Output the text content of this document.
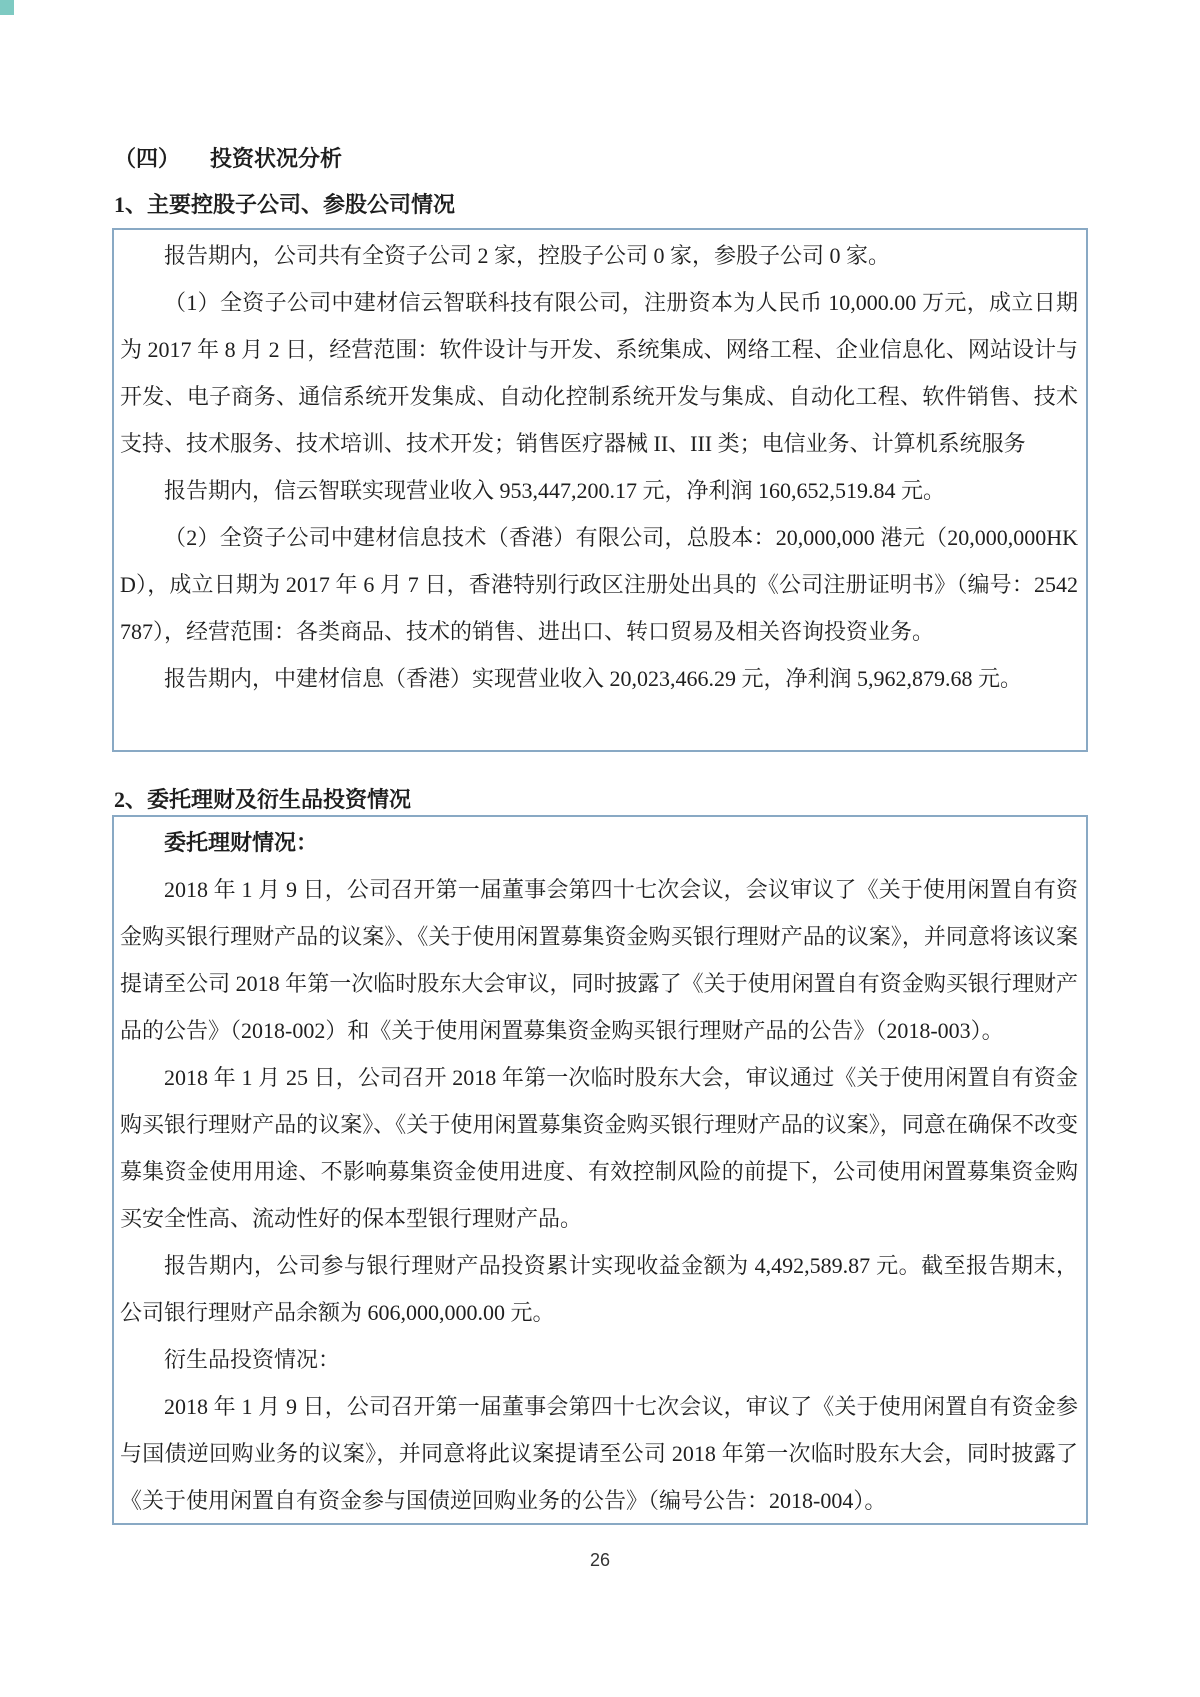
（四） 投资状况分析
1、主要控股子公司、参股公司情况

报告期内，公司共有全资子公司 2 家，控股子公司 0 家，参股子公司 0 家。

（1）全资子公司中建材信云智联科技有限公司，注册资本为人民币 10,000.00 万元，成立日期为 2017 年 8 月 2 日，经营范围：软件设计与开发、系统集成、网络工程、企业信息化、网站设计与开发、电子商务、通信系统开发集成、自动化控制系统开发与集成、自动化工程、软件销售、技术支持、技术服务、技术培训、技术开发；销售医疗器械 II、III 类；电信业务、计算机系统服务

报告期内，信云智联实现营业收入 953,447,200.17 元，净利润 160,652,519.84 元。

（2）全资子公司中建材信息技术（香港）有限公司，总股本：20,000,000 港元（20,000,000HKD），成立日期为 2017 年 6 月 7 日，香港特别行政区注册处出具的《公司注册证明书》（编号：2542787），经营范围：各类商品、技术的销售、进出口、转口贸易及相关咨询投资业务。

报告期内，中建材信息（香港）实现营业收入 20,023,466.29 元，净利润 5,962,879.68 元。

2、委托理财及衍生品投资情况

委托理财情况：

2018 年 1 月 9 日，公司召开第一届董事会第四十七次会议，会议审议了《关于使用闲置自有资金购买银行理财产品的议案》、《关于使用闲置募集资金购买银行理财产品的议案》，并同意将该议案提请至公司 2018 年第一次临时股东大会审议，同时披露了《关于使用闲置自有资金购买银行理财产品的公告》（2018-002）和《关于使用闲置募集资金购买银行理财产品的公告》（2018-003）。

2018 年 1 月 25 日，公司召开 2018 年第一次临时股东大会，审议通过《关于使用闲置自有资金购买银行理财产品的议案》、《关于使用闲置募集资金购买银行理财产品的议案》，同意在确保不改变募集资金使用用途、不影响募集资金使用进度、有效控制风险的前提下，公司使用闲置募集资金购买安全性高、流动性好的保本型银行理财产品。

报告期内，公司参与银行理财产品投资累计实现收益金额为 4,492,589.87 元。截至报告期末，公司银行理财产品余额为 606,000,000.00 元。

衍生品投资情况：

2018 年 1 月 9 日，公司召开第一届董事会第四十七次会议，审议了《关于使用闲置自有资金参与国债逆回购业务的议案》，并同意将此议案提请至公司 2018 年第一次临时股东大会，同时披露了《关于使用闲置自有资金参与国债逆回购业务的公告》（编号公告：2018-004）。

26
